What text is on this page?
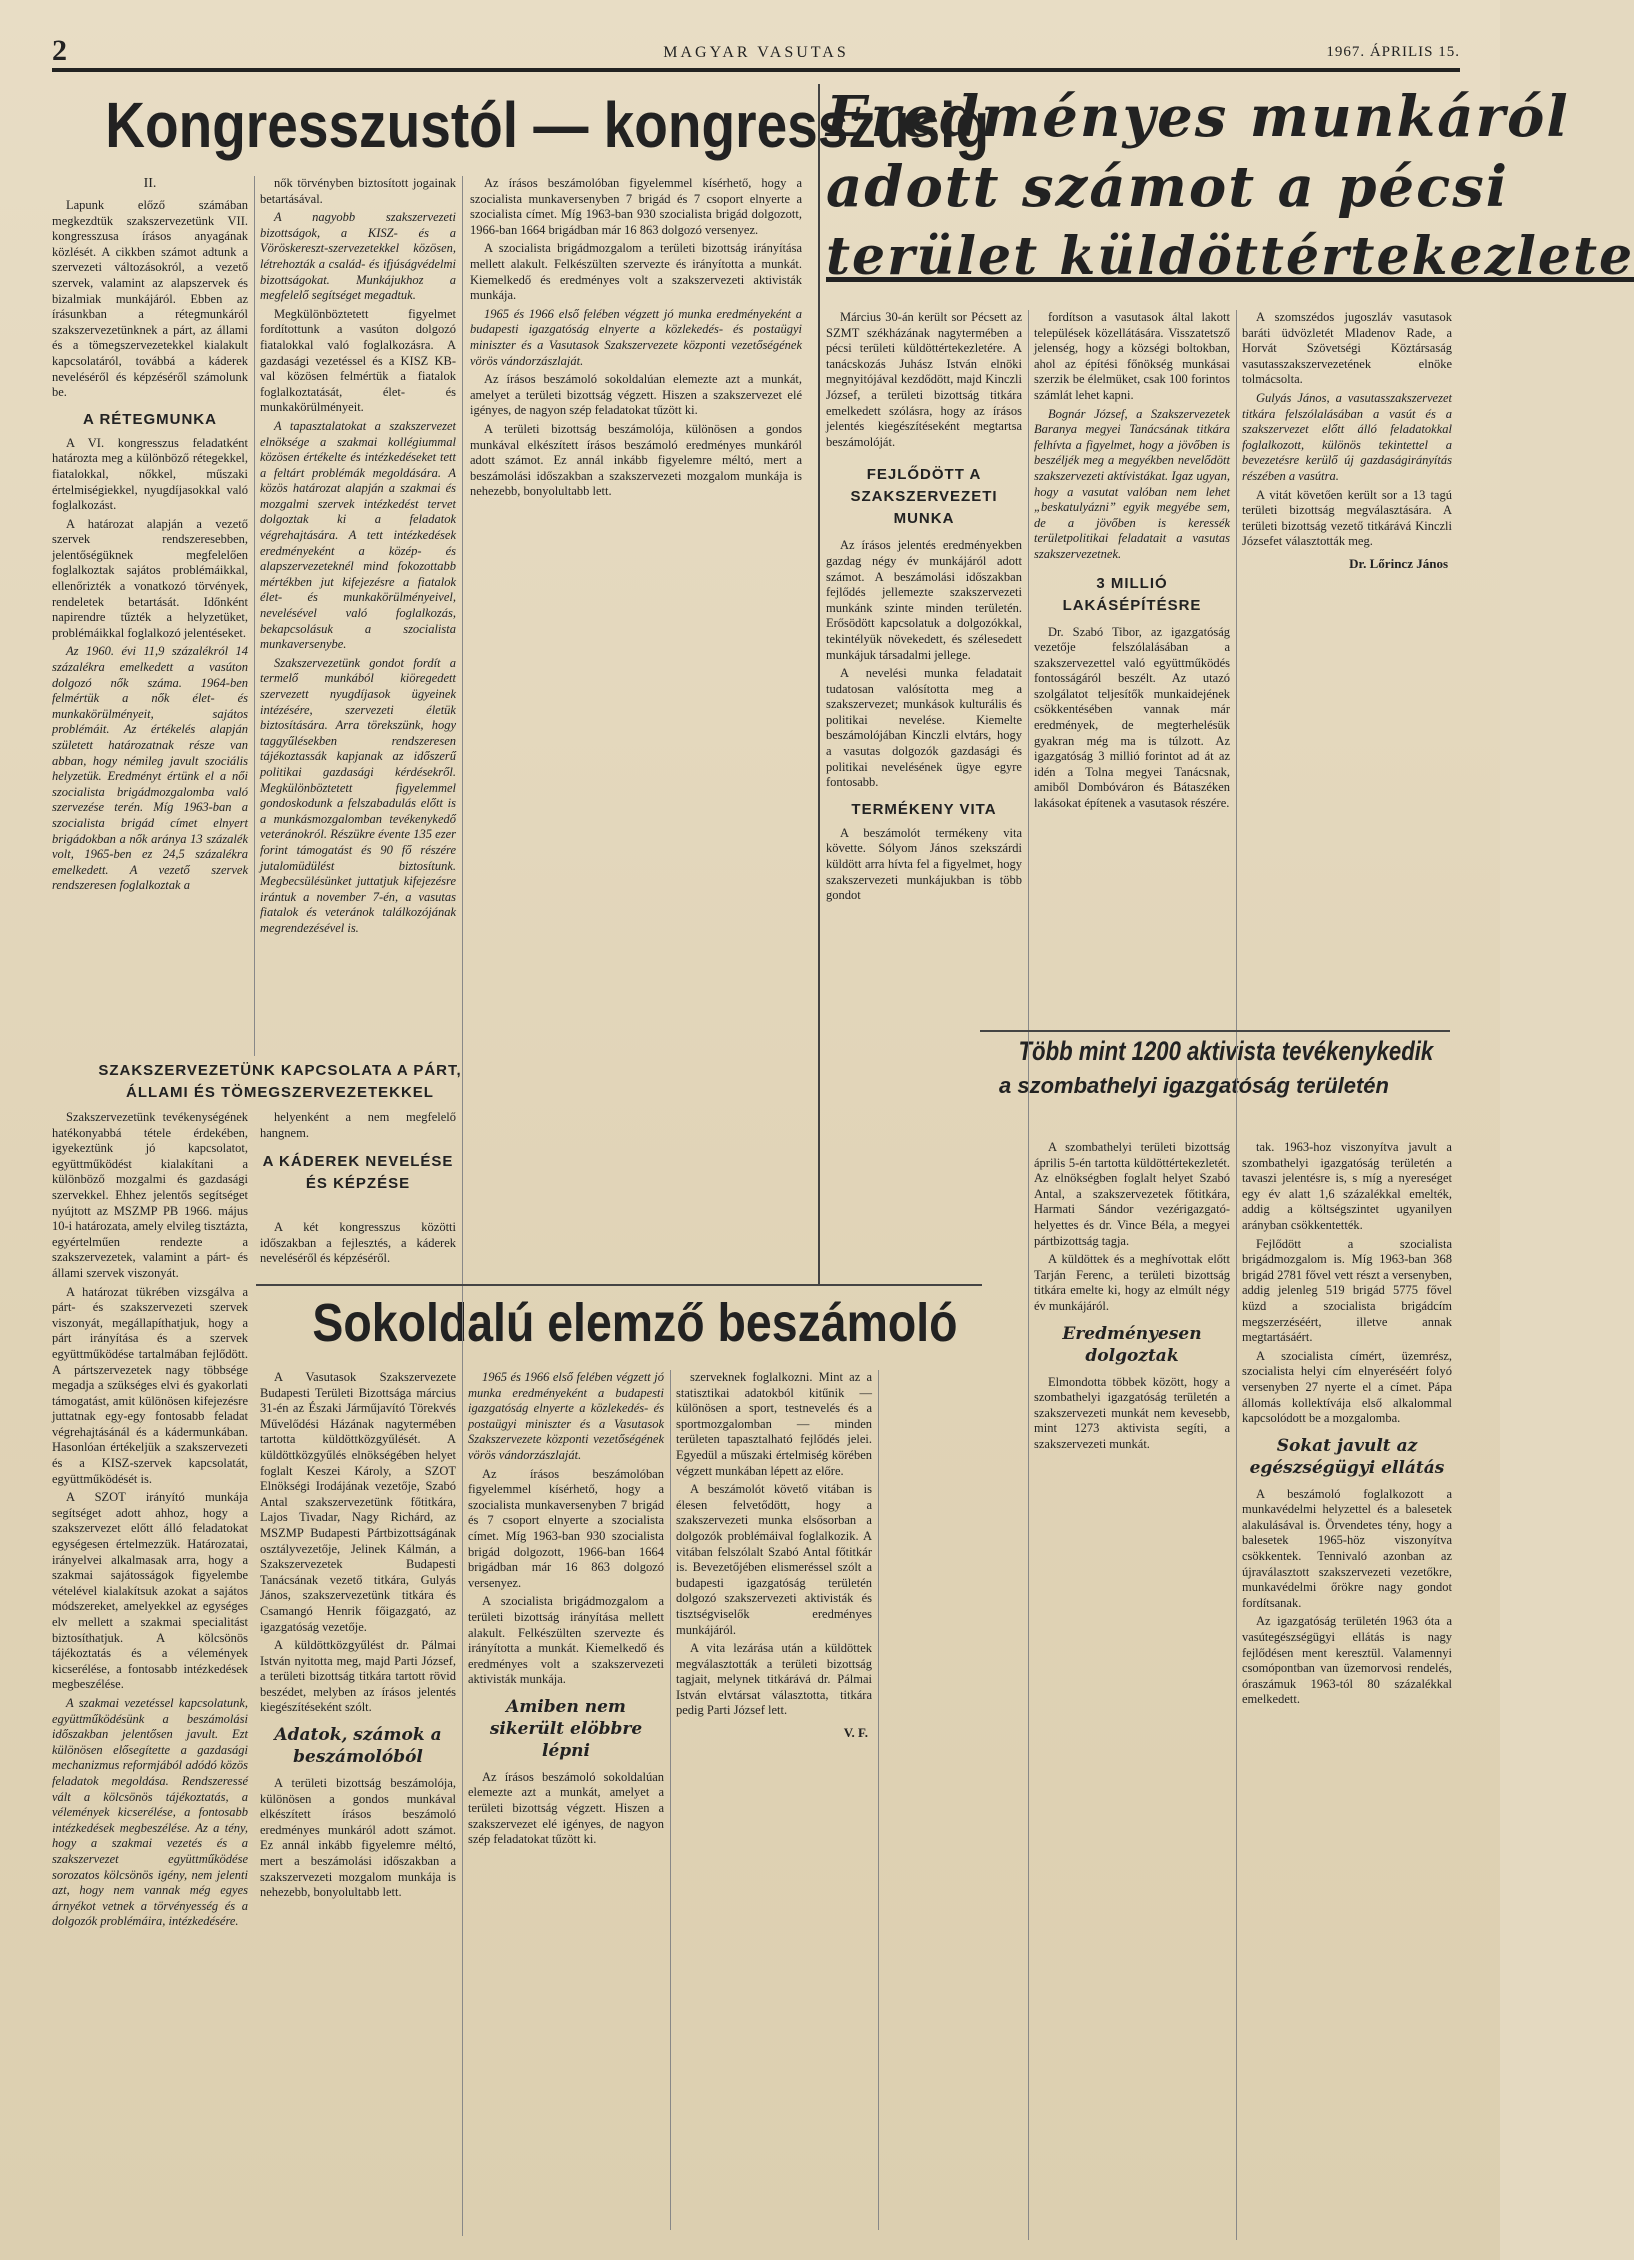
2	MAGYAR VASUTAS	1967. ÁPRILIS 15.
Kongresszustól — kongresszusig
Eredményes munkáról
adott számot a pécsi
terület küldöttértekezlete
II.

Lapunk előző számában megkezdtük szakszervezetünk VII. kongresszusa írásos anyagának közlését. A cikkben számot adtunk a szervezeti változásokról, a vezető szervek, valamint az alapszervek és bizalmiak munkájáról. Ebben az írásunkban a rétegmunkáról szakszervezetünknek a párt, az állami és a tömegszervezetekkel kialakult kapcsolatáról, továbbá a káderek neveléséről és képzéséről számolunk be.

A RÉTEGMUNKA

A VI. kongresszus feladatként határozta meg a különböző rétegekkel, fiatalokkal, nőkkel, műszaki értelmiségiekkel, nyugdíjasokkal való foglalkozást.

A határozat alapján a vezető szervek rendszeresebben, jelentőségüknek megfelelően foglalkoztak sajátos problémáikkal, ellenőrizték a vonatkozó törvények, rendeletek betartását. Időnként napirendre tűzték a helyzetüket, problémáikkal foglalkozó jelentéseket.

Az 1960. évi 11,9 százalékról 14 százalékra emelkedett a vasúton dolgozó nők száma. 1964-ben felmértük a nők élet- és munkakörülményeit, sajátos problémáit. Az értékelés alapján született határozatnak része van abban, hogy némileg javult szociális helyzetük. Eredményt értünk el a női szocialista brigádmozgalomba való szervezése terén. Míg 1963-ban a szocialista brigád címet elnyert brigádokban a nők aránya 13 százalék volt, 1965-ben ez 24,5 százalékra emelkedett. A vezető szervek rendszeresen foglalkoztak a

nők törvényben biztosított jogainak betartásával.

A nagyobb szakszervezeti bizottságok, a KISZ- és a Vöröskereszt-szervezetekkel közösen, létrehozták a család- és ifjúságvédelmi bizottságokat. Munkájukhoz a megfelelő segítséget megadtuk.

Megkülönböztetett figyelmet fordítottunk a vasúton dolgozó fiatalokkal való foglalkozásra. A gazdasági vezetéssel és a KISZ KB-val közösen felmértük a fiatalok foglalkoztatását, élet- és munkakörülményeit.

A tapasztalatokat a szakszervezet elnöksége a szakmai kollégiummal közösen értékelte és intézkedéseket tett a feltárt problémák megoldására. A közös határozat alapján a szakmai és mozgalmi szervek intézkedést tervet dolgoztak ki a feladatok végrehajtására. A tett intézkedések eredményeként a közép- és alapszervezeteknél mind fokozottabb mértékben jut kifejezésre a fiatalok élet- és munkakörülményeivel, nevelésével való foglalkozás, bekapcsolásuk a szocialista munkaversenybe.

Szakszervezetünk gondot fordít a termelő munkából kiöregedett szervezett nyugdíjasok ügyeinek intézésére, szervezeti életük biztosítására. Arra törekszünk, hogy taggyűlésekben rendszeresen tájékoztassák kapjanak az időszerű politikai gazdasági kérdésekről. Megkülönböztetett figyelemmel gondoskodunk a felszabadulás előtt is a munkásmozgalomban tevékenykedő veteránokról. Részükre évente 135 ezer forint támogatást és 90 fő részére jutalomüdülést biztosítunk. Megbecsülésünket juttatjuk kifejezésre irántuk a november 7-én, a vasutas fiatalok és veteránok találkozójának megrendezésével is.

Az írásos beszámolóban figyelemmel kísérhető, hogy a szocialista munkaversenyben 7 brigád és 7 csoport elnyerte a szocialista címet. Míg 1963-ban 930 szocialista brigád dolgozott, 1966-ban 1664 brigádban már 16 863 dolgozó versenyez.

A szocialista brigádmozgalom a területi bizottság irányítása mellett alakult. Felkészülten szervezte és irányította a munkát. Kiemelkedő és eredményes volt a szakszervezeti aktivisták munkája.

1965 és 1966 első felében végzett jó munka eredményeként a budapesti igazgatóság elnyerte a közlekedés- és postaügyi miniszter és a Vasutasok Szakszervezete központi vezetőségének vörös vándorzászlaját.

Az írásos beszámoló sokoldalúan elemezte azt a munkát, amelyet a területi bizottság végzett. Hiszen a szakszervezet elé igényes, de nagyon szép feladatokat tűzött ki.

A területi bizottság beszámolója, különösen a gondos munkával elkészített írásos beszámoló eredményes munkáról adott számot. Ez annál inkább figyelemre méltó, mert a beszámolási időszakban a szakszervezeti mozgalom munkája is nehezebb, bonyolultabb lett.

SZAKSZERVEZETÜNK KAPCSOLATA A PÁRT, ÁLLAMI ÉS TÖMEGSZERVEZETEKKEL

Szakszervezetünk tevékenységének hatékonyabbá tétele érdekében, igyekeztünk jó kapcsolatot, együttműködést kialakítani a különböző mozgalmi és gazdasági szervekkel. Ehhez jelentős segítséget nyújtott az MSZMP PB 1966. május 10-i határozata, amely elvileg tisztázta, egyértelműen rendezte a szakszervezetek, valamint a párt- és állami szervek viszonyát.

A határozat tükrében vizsgálva a párt- és szakszervezeti szervek viszonyát, megállapíthatjuk, hogy a párt irányítása és a szervek együttműködése tartalmában fejlődött. A pártszervezetek nagy többsége megadja a szükséges elvi és gyakorlati támogatást, amit különösen kifejezésre juttatnak egy-egy fontosabb feladat végrehajtásánál és a kádermunkában. Hasonlóan értékeljük a szakszervezeti és a KISZ-szervek kapcsolatát, együttműködését is.

A SZOT irányító munkája segítséget adott ahhoz, hogy a szakszervezet előtt álló feladatokat egységesen értelmezzük. Határozatai, irányelvei alkalmasak arra, hogy a szakmai sajátosságok figyelembe vételével kialakítsuk azokat a sajátos módszereket, amelyekkel az egységes elv mellett a szakmai specialitást biztosíthatjuk. A kölcsönös tájékoztatás és a vélemények kicserélése, a fontosabb intézkedések megbeszélése.

A szakmai vezetéssel kapcsolatunk, együttműködésünk a beszámolási időszakban jelentősen javult. Ezt különösen elősegítette a gazdasági mechanizmus reformjából adódó közös feladatok megoldása. Rendszeressé vált a kölcsönös tájékoztatás, a vélemények kicserélése, a fontosabb intézkedések megbeszélése. Az a tény, hogy a szakmai vezetés és a szakszervezet együttműködése sorozatos kölcsönös igény, nem jelenti azt, hogy nem vannak még egyes árnyékot vetnek a törvényesség és a dolgozók problémáira, intézkedésére.

helyenként a nem megfelelő hangnem.

A KÁDEREK NEVELÉSE ÉS KÉPZÉSE

A két kongresszus közötti időszakban a fejlesztés, a káderek neveléséről és képzéséről.

Sokoldalú elemző beszámoló

A Vasutasok Szakszervezete Budapesti Területi Bizottsága március 31-én az Északi Járműjavító Törekvés Művelődési Házának nagytermében tartotta küldöttközgyűlését. A küldöttközgyűlés elnökségében helyet foglalt Keszei Károly, a SZOT Elnökségi Irodájának vezetője, Szabó Antal szakszervezetünk főtitkára, Lajos Tivadar, Nagy Richárd, az MSZMP Budapesti Pártbizottságának osztályvezetője, Jelinek Kálmán, a Szakszervezetek Budapesti Tanácsának vezető titkára, Gulyás János, szakszervezetünk titkára és Csamangó Henrik főigazgató, az igazgatóság vezetője.

A küldöttközgyűlést dr. Pálmai István nyitotta meg, majd Parti József, a területi bizottság titkára tartott rövid beszédet, melyben az írásos jelentés kiegészítéseként szólt.

Adatok, számok a beszámolóból

A területi bizottság beszámolója, különösen a gondos munkával elkészített írásos beszámoló eredményes munkáról adott számot. Ez annál inkább figyelemre méltó, mert a beszámolási időszakban a szakszervezeti mozgalom munkája is nehezebb, bonyolultabb lett.

1965 és 1966 első felében végzett jó munka eredményeként a budapesti igazgatóság elnyerte a közlekedés- és postaügyi miniszter és a Vasutasok Szakszervezete központi vezetőségének vörös vándorzászlaját.

Az írásos beszámolóban figyelemmel kísérhető, hogy a szocialista munkaversenyben 7 brigád és 7 csoport elnyerte a szocialista címet. Míg 1963-ban 930 szocialista brigád dolgozott, 1966-ban 1664 brigádban már 16 863 dolgozó versenyez.

A szocialista brigádmozgalom a területi bizottság irányítása mellett alakult. Felkészülten szervezte és irányította a munkát. Kiemelkedő és eredményes volt a szakszervezeti aktivisták munkája.

Amiben nem sikerült elöbbre lépni

Az írásos beszámoló sokoldalúan elemezte azt a munkát, amelyet a területi bizottság végzett. Hiszen a szakszervezet elé igényes, de nagyon szép feladatokat tűzött ki.

szerveknek foglalkozni. Mint az a statisztikai adatokból kitűnik — különösen a sport, testnevelés és a sportmozgalomban — minden területen tapasztalható fejlődés jelei. Egyedül a műszaki értelmiség körében végzett munkában lépett az előre.

A beszámolót követő vitában is élesen felvetődött, hogy a szakszervezeti munka elsősorban a dolgozók problémáival foglalkozik. A vitában felszólalt Szabó Antal főtitkár is. Bevezetőjében elismeréssel szólt a budapesti igazgatóság területén dolgozó szakszervezeti aktivisták és tisztségviselők eredményes munkájáról.

A vita lezárása után a küldöttek megválasztották a területi bizottság tagjait, melynek titkárává dr. Pálmai István elvtársat választotta, titkára pedig Parti József lett.

V. F.

Március 30-án került sor Pécsett az SZMT székházának nagytermében a pécsi területi küldöttértekezletére. A tanácskozás Juhász István elnöki megnyitójával kezdődött, majd Kinczli József, a területi bizottság titkára emelkedett szólásra, hogy az írásos jelentés kiegészítéseként megtartsa beszámolóját.

FEJLŐDÖTT A SZAKSZERVEZETI MUNKA

Az írásos jelentés eredményekben gazdag négy év munkájáról adott számot. A beszámolási időszakban fejlődés jellemezte szakszervezeti munkánk szinte minden területén. Erősödött kapcsolatuk a dolgozókkal, tekintélyük növekedett, és szélesedett munkájuk társadalmi jellege.

A nevelési munka feladatait tudatosan valósította meg a szakszervezet; munkások kulturális és politikai nevelése. Kiemelte beszámolójában Kinczli elvtárs, hogy a vasutas dolgozók gazdasági és politikai nevelésének ügye egyre fontosabb.

TERMÉKENY VITA

A beszámolót termékeny vita követte. Sólyom János szekszárdi küldött arra hívta fel a figyelmet, hogy szakszervezeti munkájukban is több gondot

fordítson a vasutasok által lakott települések közellátására. Visszatetsző jelenség, hogy a községi boltokban, ahol az építési főnökség munkásai szerzik be élelmüket, csak 100 forintos számlát lehet kapni.

Bognár József, a Szakszervezetek Baranya megyei Tanácsának titkára felhívta a figyelmet, hogy a jövőben is beszéljék meg a megyékben nevelődött szakszervezeti aktívistákat. Igaz ugyan, hogy a vasutat valóban nem lehet „beskatulyázni” egyik megyébe sem, de a jövőben is keressék területpolitikai feladatait a vasutas szakszervezetnek.

3 MILLIÓ LAKÁSÉPÍTÉSRE

Dr. Szabó Tibor, az igazgatóság vezetője felszólalásában a szakszervezettel való együttműködés fontosságáról beszélt. Az utazó szolgálatot teljesítők munkaidejének csökkentésében vannak már eredmények, de megterhelésük gyakran még ma is túlzott. Az igazgatóság 3 millió forintot ad át az idén a Tolna megyei Tanácsnak, amiből Dombóváron és Bátaszéken lakásokat építenek a vasutasok részére.

A szomszédos jugoszláv vasutasok baráti üdvözletét Mladenov Rade, a Horvát Szövetségi Köztársaság vasutasszakszervezetének elnöke tolmácsolta.

Gulyás János, a vasutasszakszervezet titkára felszólalásában a vasút és a szakszervezet előtt álló feladatokkal foglalkozott, különös tekintettel a bevezetésre kerülő új gazdaságirányítás részében a vasútra.

A vitát követően került sor a 13 tagú területi bizottság megválasztására. A területi bizottság vezető titkárává Kinczli Józsefet választották meg.

Dr. Lőrincz János
Több mint 1200 aktivista tevékenykedik
a szombathelyi igazgatóság területén

A szombathelyi területi bizottság április 5-én tartotta küldöttértekezletét. Az elnökségben foglalt helyet Szabó Antal, a szakszervezetek főtitkára, Harmati Sándor vezérigazgató-helyettes és dr. Vince Béla, a megyei pártbizottság tagja.

A küldöttek és a meghívottak előtt Tarján Ferenc, a területi bizottság titkára emelte ki, hogy az elmúlt négy év munkájáról.

Eredményesen dolgoztak

Elmondotta többek között, hogy a szombathelyi igazgatóság területén a szakszervezeti munkát nem kevesebb, mint 1273 aktivista segíti, a szakszervezeti munkát.

tak. 1963-hoz viszonyítva javult a szombathelyi igazgatóság területén a tavaszi jelentésre is, s míg a nyereséget egy év alatt 1,6 százalékkal emelték, addig a költségszintet ugyanilyen arányban csökkentették.

Fejlődött a szocialista brigádmozgalom is. Míg 1963-ban 368 brigád 2781 fővel vett részt a versenyben, addig jelenleg 519 brigád 5775 fővel küzd a szocialista brigádcím megszerzéséért, illetve annak megtartásáért.

A szocialista címért, üzemrész, szocialista helyi cím elnyeréséért folyó versenyben 27 nyerte el a címet. Pápa állomás kollektívája első alkalommal kapcsolódott be a mozgalomba.

Sokat javult az egészségügyi ellátás

A beszámoló foglalkozott a munkavédelmi helyzettel és a balesetek alakulásával is. Örvendetes tény, hogy a balesetek 1965-höz viszonyítva csökkentek. Tennivaló azonban az újraválasztott szakszervezeti vezetőkre, munkavédelmi őrökre nagy gondot fordítsanak.

Az igazgatóság területén 1963 óta a vasútegészségügyi ellátás is nagy fejlődésen ment keresztül. Valamennyi csomópontban van üzemorvosi rendelés, óraszámuk 1963-tól 80 százalékkal emelkedett.
